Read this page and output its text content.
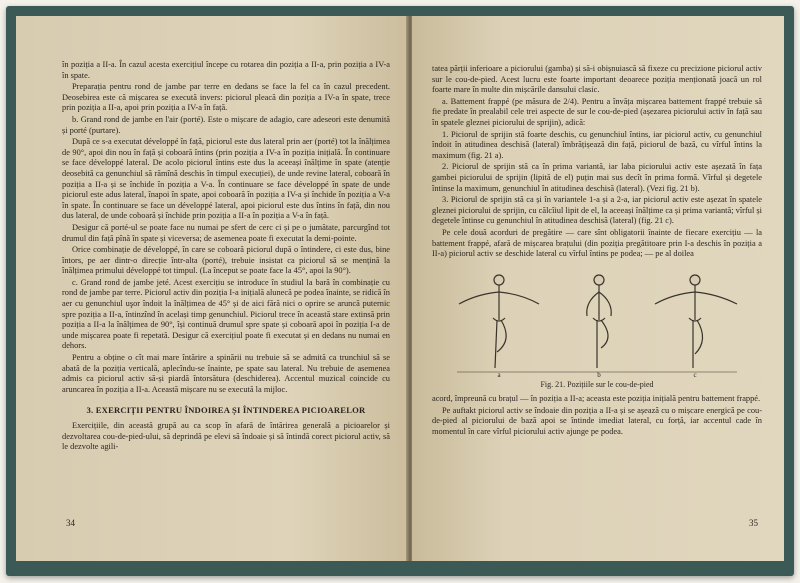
în poziția a II-a. În cazul acesta exercițiul începe cu rotarea din poziția a II-a, prin poziția a IV-a în spate.

Preparația pentru rond de jambe par terre en dedans se face la fel ca în cazul precedent. Deosebirea este că mișcarea se execută invers: piciorul pleacă din poziția a IV-a în spate, trece prin poziția a II-a, apoi prin poziția a IV-a în față.

b. Grand rond de jambe en l'air (porté). Este o mișcare de adagio, care adeseori este denumită și porté (purtare).

După ce s-a executat développé în față, piciorul este dus lateral prin aer (porté) tot la înălțimea de 90°, apoi din nou în față și coboară întins (prin poziția a IV-a în poziția inițială. În continuare se face développé lateral. De acolo piciorul întins este dus la aceeași înălțime în spate (atenție deosebită ca genunchiul să rămînă deschis în timpul execuției), de unde revine lateral, coboară în poziția a II-a și se închide în poziția a V-a. În continuare se face développé în spate de unde piciorul este adus lateral, înapoi în spate, apoi coboară în poziția a IV-a și închide în poziția a V-a în spate. În continuare se face un développé lateral, apoi piciorul este dus întins în față, din nou dus lateral, de unde coboară și închide prin poziția a II-a în poziția a V-a în față.

Desigur că porté-ul se poate face nu numai pe sfert de cerc ci și pe o jumătate, parcurgînd tot drumul din față pînă în spate și viceversa; de asemenea poate fi executat la demi-pointe.

Orice combinație de développé, în care se coboară piciorul după o întindere, ci este dus, bine întors, pe aer dintr-o direcție într-alta (porté), trebuie insistat ca piciorul să se mențină la înălțimea primului développé tot timpul. (La început se poate face la 45°, apoi la 90°).

c. Grand rond de jambe jeté. Acest exercițiu se introduce în studiul la bară în combinație cu rond de jambe par terre. Piciorul activ din poziția I-a inițială alunecă pe podea înainte, se ridică în aer cu genunchiul uşor îndoit la înălțimea de 45° și de aici fără nici o oprire se aruncă puternic spre poziția a II-a, întinzînd în același timp genunchiul. Piciorul trece în această stare extinsă prin poziția a II-a la înălțimea de 90°, își continuă drumul spre spate și coboară apoi în poziția I-a de unde mișcarea poate fi repetată. Desigur că exercițiul poate fi executat și en dedans nu numai en dehors.

Pentru a obține o cît mai mare întărire a spinării nu trebuie să se admită ca trunchiul să se abată de la poziția verticală, aplecîndu-se înainte, pe spate sau lateral. Nu trebuie de asemenea admis ca piciorul activ să-și piardă întorsătura (deschiderea). Accentul muzical coincide cu aruncarea în poziția a II-a. Această mișcare nu se execută la mijloc.

3. EXERCIȚII PENTRU ÎNDOIREA ȘI ÎNTINDEREA PICIOARELOR

Exercițiile, din această grupă au ca scop în afară de întărirea generală a picioarelor și dezvoltarea cou-de-pied-ului, să deprindă pe elevi să îndoaie și să întindă corect piciorul activ, să le dezvolte agili-

34

tatea părții inferioare a piciorului (gamba) și să-i obișnuiască să fixeze cu precizione piciorul activ sur le cou-de-pied. Acest lucru este foarte important deoarece poziția menționată joacă un rol foarte mare în multe din mișcările dansului clasic.

a. Battement frappé (pe măsura de 2/4). Pentru a învăța mișcarea battement frappé trebuie să fie predate în prealabil cele trei aspecte de sur le cou-de-pied (așezarea piciorului activ în față sau în spatele gleznei piciorului de sprijin), adică:

1. Piciorul de sprijin stă foarte deschis, cu genunchiul întins, iar piciorul activ, cu genunchiul îndoit în atitudinea deschisă (lateral) îmbrățișează din față, piciorul de bază, cu vîrful întins la maximum (fig. 21 a).

2. Piciorul de sprijin stă ca în prima variantă, iar laba piciorului activ este așezată în fața gambei piciorului de sprijin (lipită de el) puțin mai sus decît în prima formă. Vîrful și degetele întinse la maximum, genunchiul în atitudinea deschisă (lateral). (Vezi fig. 21 b).

3. Piciorul de sprijin stă ca și în variantele 1-a și a 2-a, iar piciorul activ este așezat în spatele gleznei piciorului de sprijin, cu călcîiul lipit de el, la aceeași înălțime ca și prima variantă; vîrful și degetele întinse cu genunchiul în atitudinea deschisă (lateral) (fig. 21 c).

Pe cele două acorduri de pregătire — care sînt obligatorii înainte de fiecare exercițiu — la battement frappé, afară de mișcarea brațului (din poziția pregătitoare prin I-a deschis în poziția a II-a) piciorul activ se deschide lateral cu vîrful întins pe podea; — pe al doilea

a	b	c
Fig. 21. Pozițiile sur le cou-de-pied

acord, împreună cu brațul — în poziția a II-a; aceasta este poziția inițială pentru battement frappé.

Pe auftakt piciorul activ se îndoaie din poziția a II-a și se așează cu o mișcare energică pe cou-de-pied al piciorului de bază apoi se întinde imediat lateral, cu forță, iar accentul cade în momentul în care vîrful piciorului activ ajunge pe podea.

35
